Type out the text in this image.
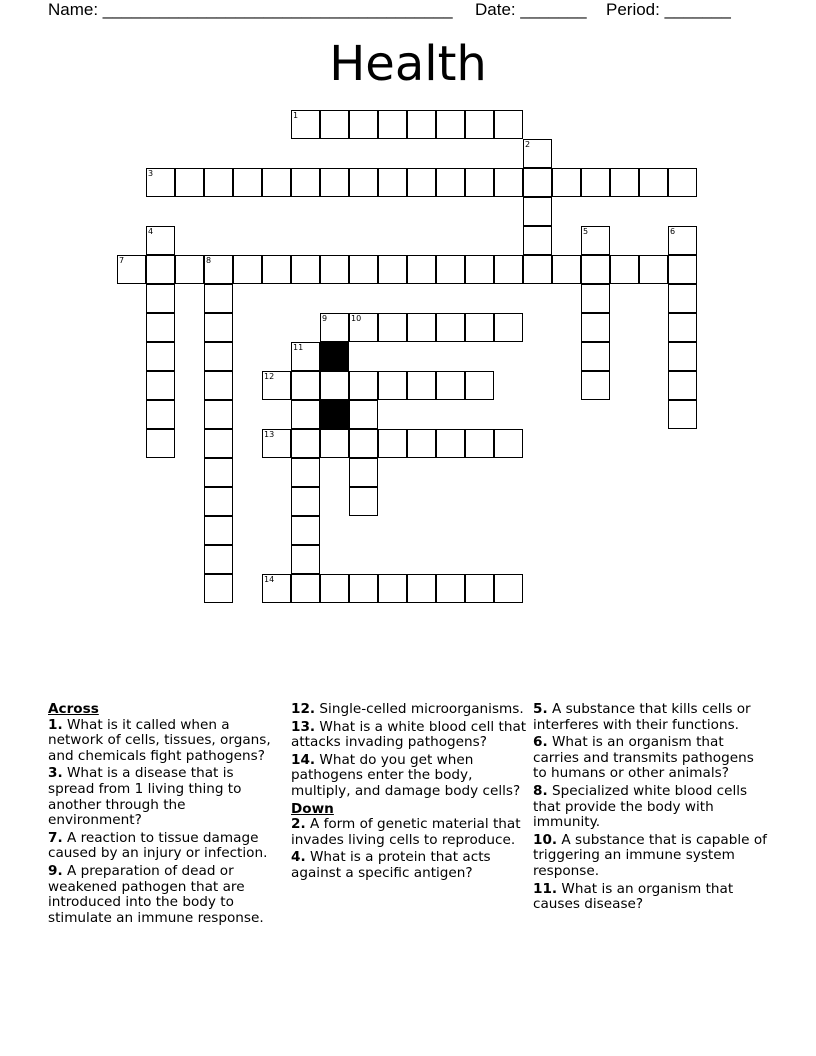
Name: _____________________________________ Date: _______ Period: _______
Health
1
2
3
4	5	6
7	8
9	10
11
12
13
14
Across
1. What is it called when a network of cells, tissues, organs, and chemicals fight pathogens?
3. What is a disease that is spread from 1 living thing to another through the environment?
7. A reaction to tissue damage caused by an injury or infection.
9. A preparation of dead or weakened pathogen that are introduced into the body to stimulate an immune response.
12. Single-celled microorganisms.
13. What is a white blood cell that attacks invading pathogens?
14. What do you get when pathogens enter the body, multiply, and damage body cells?
Down
2. A form of genetic material that invades living cells to reproduce.
4. What is a protein that acts against a specific antigen?
5. A substance that kills cells or interferes with their functions.
6. What is an organism that carries and transmits pathogens to humans or other animals?
8. Specialized white blood cells that provide the body with immunity.
10. A substance that is capable of triggering an immune system response.
11. What is an organism that causes disease?
